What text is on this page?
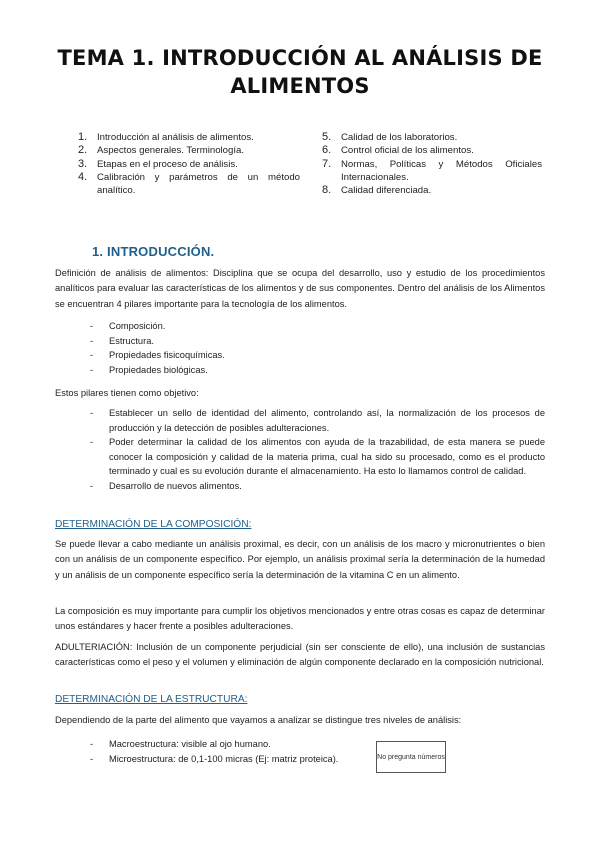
TEMA 1. INTRODUCCIÓN AL ANÁLISIS DE ALIMENTOS
1.	Introducción al análisis de alimentos.
2.	Aspectos generales. Terminología.
3.	Etapas en el proceso de análisis.
4.	Calibración y parámetros de un método analítico.
5.	Calidad de los laboratorios.
6.	Control oficial de los alimentos.
7.	Normas, Políticas y Métodos Oficiales Internacionales.
8.	Calidad diferenciada.
1. INTRODUCCIÓN.
Definición de análisis de alimentos: Disciplina que se ocupa del desarrollo, uso y estudio de los procedimientos analíticos para evaluar las características de los alimentos y de sus componentes. Dentro del análisis de los Alimentos se encuentran 4 pilares importante para la tecnología de los alimentos.
-	Composición.
-	Estructura.
-	Propiedades fisicoquímicas.
-	Propiedades biológicas.
Estos pilares tienen como objetivo:
-	Establecer un sello de identidad del alimento, controlando así, la normalización de los procesos de producción y la detección de posibles adulteraciones.
-	Poder determinar la calidad de los alimentos con ayuda de la trazabilidad, de esta manera se puede conocer la composición y calidad de la materia prima, cual ha sido su procesado, como es el producto terminado y cual es su evolución durante el almacenamiento. Ha esto lo llamamos control de calidad.
-	Desarrollo de nuevos alimentos.
DETERMINACIÓN DE LA COMPOSICIÓN:
Se puede llevar a cabo mediante un análisis proximal, es decir, con un análisis de los macro y micronutrientes o bien con un análisis de un componente específico. Por ejemplo, un análisis proximal sería la determinación de la humedad y un análisis de un componente específico sería la determinación de la vitamina C en un alimento.
La composición es muy importante para cumplir los objetivos mencionados y entre otras cosas es capaz de determinar unos estándares y hacer frente a posibles adulteraciones.
ADULTERIACIÓN: Inclusión de un componente perjudicial (sin ser consciente de ello), una inclusión de sustancias características como el peso y el volumen y eliminación de algún componente declarado en la composición nutricional.
DETERMINACIÓN DE LA ESTRUCTURA:
Dependiendo de la parte del alimento que vayamos a analizar se distingue tres niveles de análisis:
-	Macroestructura: visible al ojo humano.
-	Microestructura: de 0,1-100 micras (Ej: matriz proteica).	No pregunta números
